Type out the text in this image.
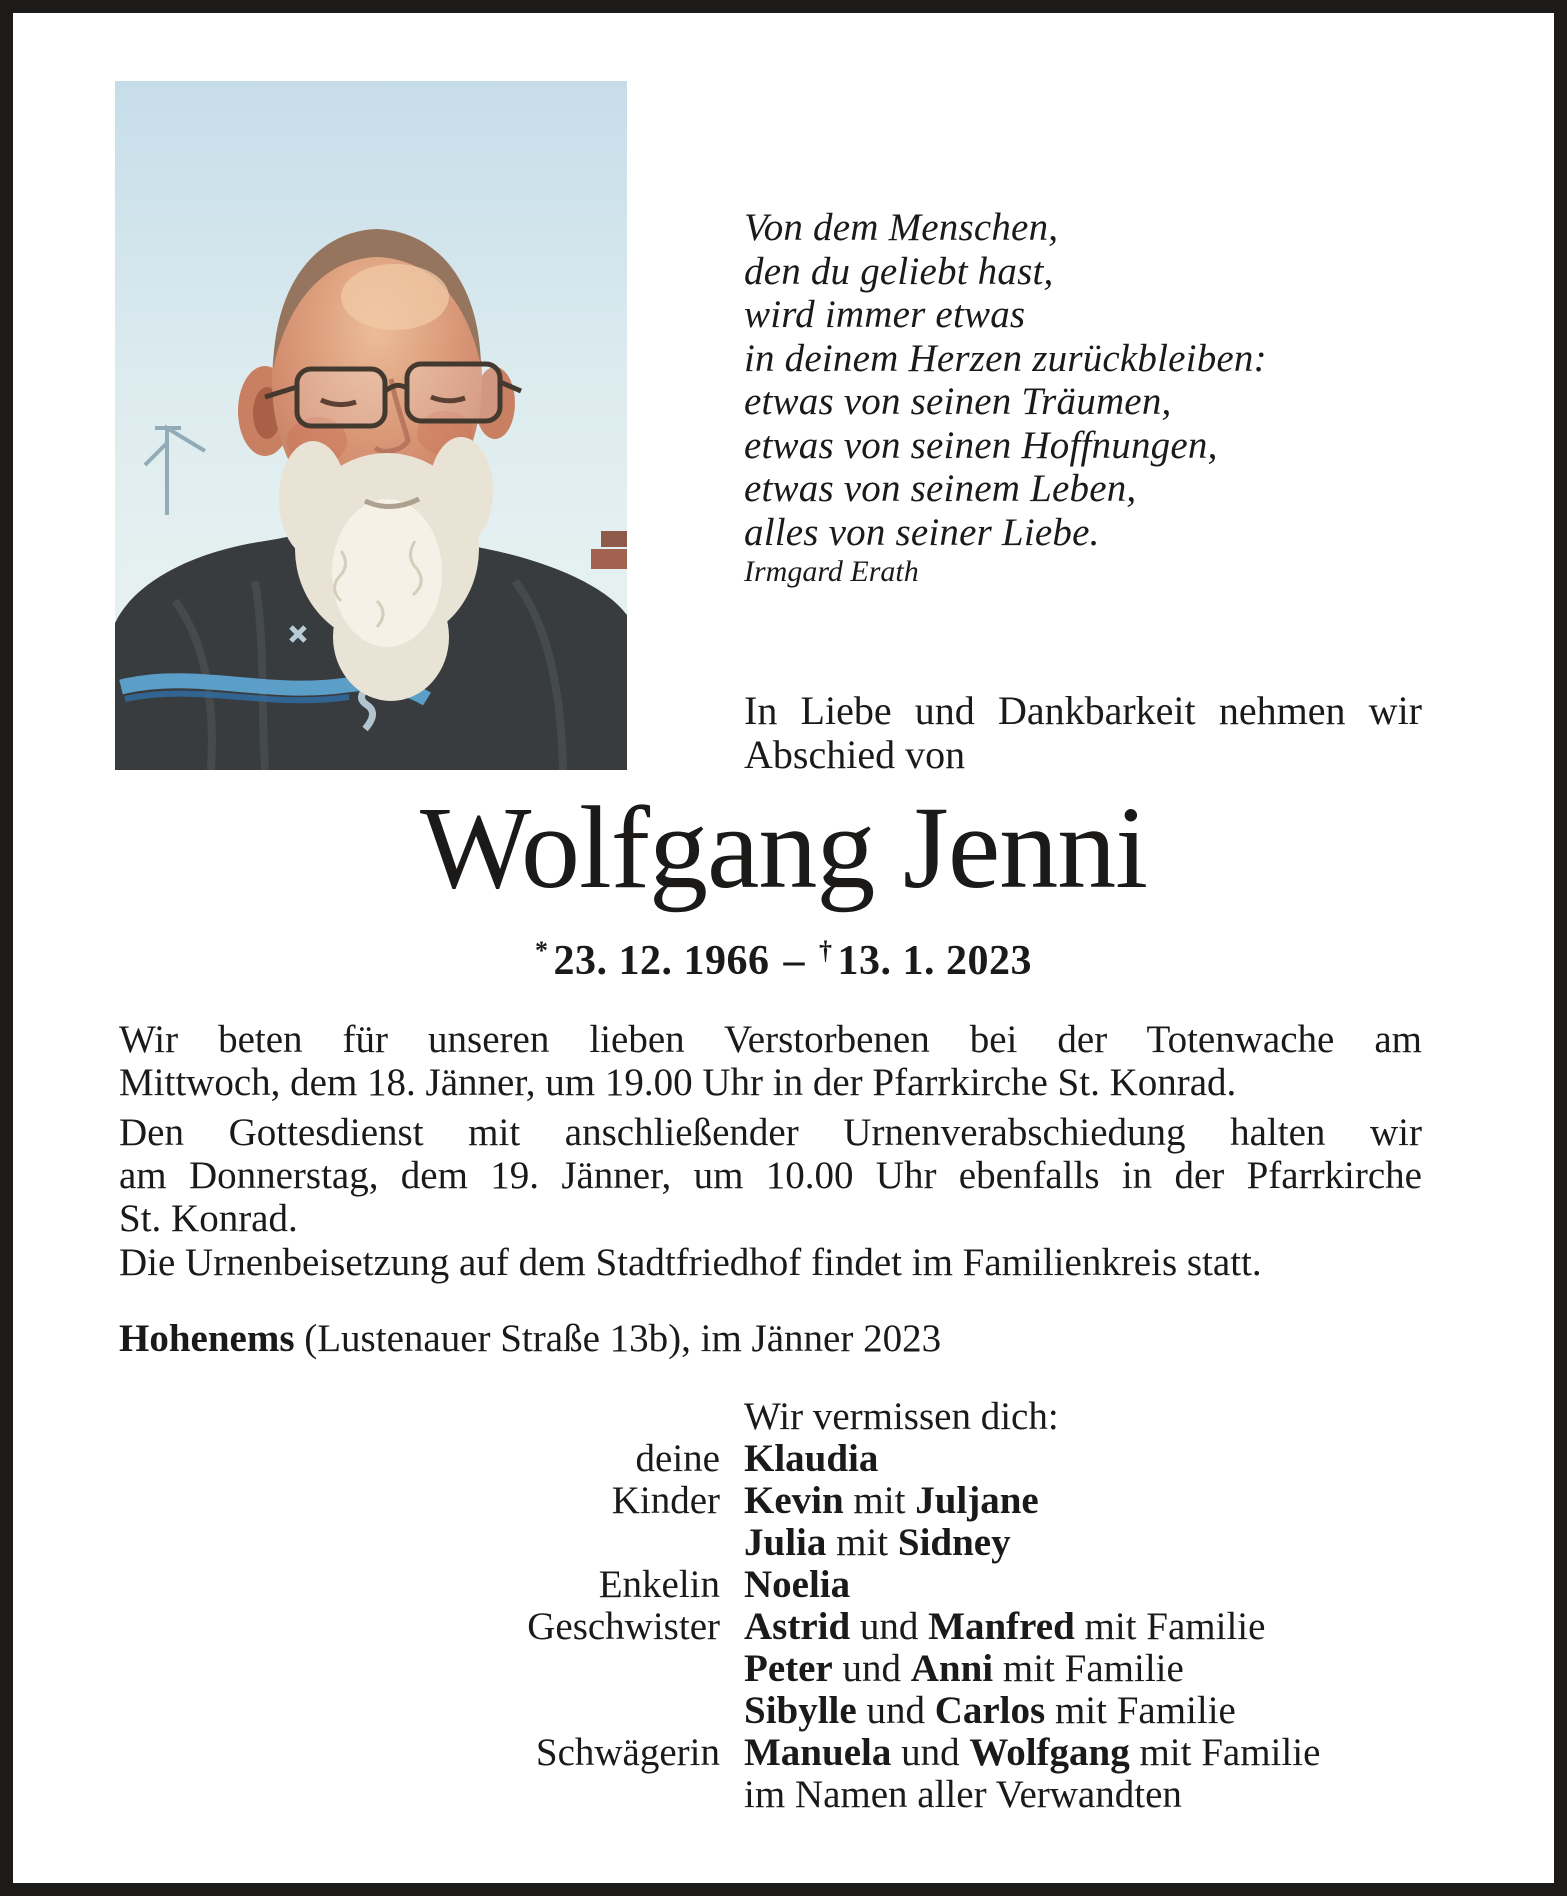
Von dem Menschen,
den du geliebt hast,
wird immer etwas
in deinem Herzen zurückbleiben:
etwas von seinen Träumen,
etwas von seinen Hoffnungen,
etwas von seinem Leben,
alles von seiner Liebe.
Irmgard Erath
In Liebe und Dankbarkeit nehmen wir
Abschied von
Wolfgang Jenni
* 23. 12. 1966 – † 13. 1. 2023
Wir beten für unseren lieben Verstorbenen bei der Totenwache am
Mittwoch, dem 18. Jänner, um 19.00 Uhr in der Pfarrkirche St. Konrad.
Den Gottesdienst mit anschließender Urnenverabschiedung halten wir
am Donnerstag, dem 19. Jänner, um 10.00 Uhr ebenfalls in der Pfarrkirche
St. Konrad.
Die Urnenbeisetzung auf dem Stadtfriedhof findet im Familienkreis statt.
Hohenems (Lustenauer Straße 13b), im Jänner 2023
Wir vermissen dich:
deine Klaudia
Kinder Kevin mit Juljane
Julia mit Sidney
Enkelin Noelia
Geschwister Astrid und Manfred mit Familie
Peter und Anni mit Familie
Sibylle und Carlos mit Familie
Schwägerin Manuela und Wolfgang mit Familie
im Namen aller Verwandten
